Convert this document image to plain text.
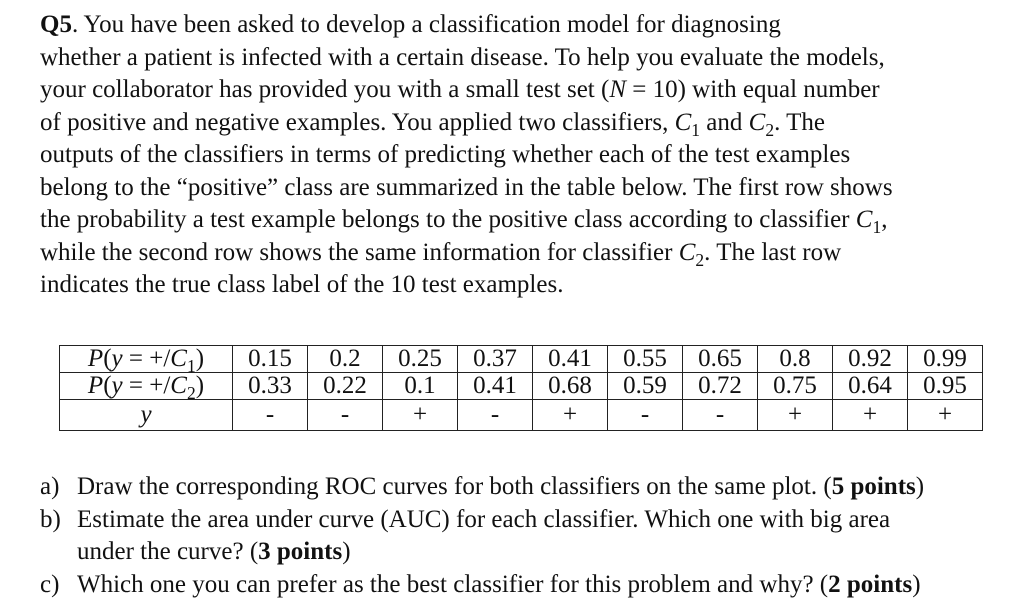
Q5. You have been asked to develop a classification model for diagnosing
whether a patient is infected with a certain disease. To help you evaluate the models,
your collaborator has provided you with a small test set (N = 10) with equal number
of positive and negative examples. You applied two classifiers, $C_1$ and $C_2$. The
outputs of the classifiers in terms of predicting whether each of the test examples
belong to the “positive” class are summarized in the table below. The first row shows
the probability a test example belongs to the positive class according to classifier $C_1$,
while the second row shows the same information for classifier $C_2$. The last row
indicates the true class label of the 10 test examples.
$P(y = +/C_1)$	0.15	0.2	0.25	0.37	0.41	0.55	0.65	0.8	0.92	0.99
$P(y = +/C_2)$	0.33	0.22	0.1	0.41	0.68	0.59	0.72	0.75	0.64	0.95
y	-	-	+	-	+	-	-	+	+	+
a) Draw the corresponding ROC curves for both classifiers on the same plot. (5 points)
b) Estimate the area under curve (AUC) for each classifier. Which one with big area
under the curve? (3 points)
c) Which one you can prefer as the best classifier for this problem and why? (2 points)
